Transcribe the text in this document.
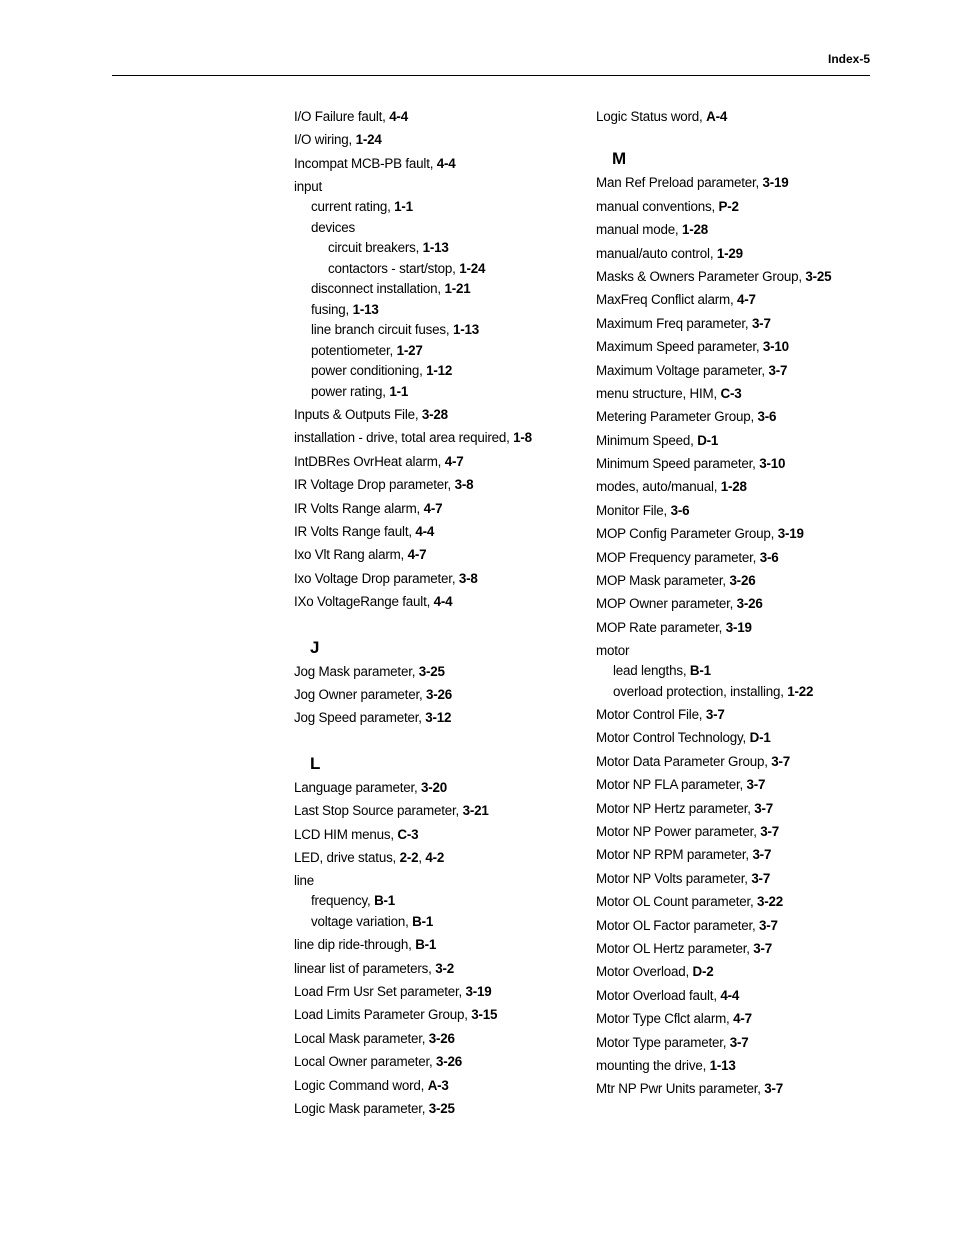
Index-5
I/O Failure fault, 4-4
I/O wiring, 1-24
Incompat MCB-PB fault, 4-4
input
current rating, 1-1
devices
circuit breakers, 1-13
contactors - start/stop, 1-24
disconnect installation, 1-21
fusing, 1-13
line branch circuit fuses, 1-13
potentiometer, 1-27
power conditioning, 1-12
power rating, 1-1
Inputs & Outputs File, 3-28
installation - drive, total area required, 1-8
IntDBRes OvrHeat alarm, 4-7
IR Voltage Drop parameter, 3-8
IR Volts Range alarm, 4-7
IR Volts Range fault, 4-4
Ixo Vlt Rang alarm, 4-7
Ixo Voltage Drop parameter, 3-8
IXo VoltageRange fault, 4-4
J
Jog Mask parameter, 3-25
Jog Owner parameter, 3-26
Jog Speed parameter, 3-12
L
Language parameter, 3-20
Last Stop Source parameter, 3-21
LCD HIM menus, C-3
LED, drive status, 2-2, 4-2
line
frequency, B-1
voltage variation, B-1
line dip ride-through, B-1
linear list of parameters, 3-2
Load Frm Usr Set parameter, 3-19
Load Limits Parameter Group, 3-15
Local Mask parameter, 3-26
Local Owner parameter, 3-26
Logic Command word, A-3
Logic Mask parameter, 3-25
Logic Status word, A-4
M
Man Ref Preload parameter, 3-19
manual conventions, P-2
manual mode, 1-28
manual/auto control, 1-29
Masks & Owners Parameter Group, 3-25
MaxFreq Conflict alarm, 4-7
Maximum Freq parameter, 3-7
Maximum Speed parameter, 3-10
Maximum Voltage parameter, 3-7
menu structure, HIM, C-3
Metering Parameter Group, 3-6
Minimum Speed, D-1
Minimum Speed parameter, 3-10
modes, auto/manual, 1-28
Monitor File, 3-6
MOP Config Parameter Group, 3-19
MOP Frequency parameter, 3-6
MOP Mask parameter, 3-26
MOP Owner parameter, 3-26
MOP Rate parameter, 3-19
motor
lead lengths, B-1
overload protection, installing, 1-22
Motor Control File, 3-7
Motor Control Technology, D-1
Motor Data Parameter Group, 3-7
Motor NP FLA parameter, 3-7
Motor NP Hertz parameter, 3-7
Motor NP Power parameter, 3-7
Motor NP RPM parameter, 3-7
Motor NP Volts parameter, 3-7
Motor OL Count parameter, 3-22
Motor OL Factor parameter, 3-7
Motor OL Hertz parameter, 3-7
Motor Overload, D-2
Motor Overload fault, 4-4
Motor Type Cflct alarm, 4-7
Motor Type parameter, 3-7
mounting the drive, 1-13
Mtr NP Pwr Units parameter, 3-7
